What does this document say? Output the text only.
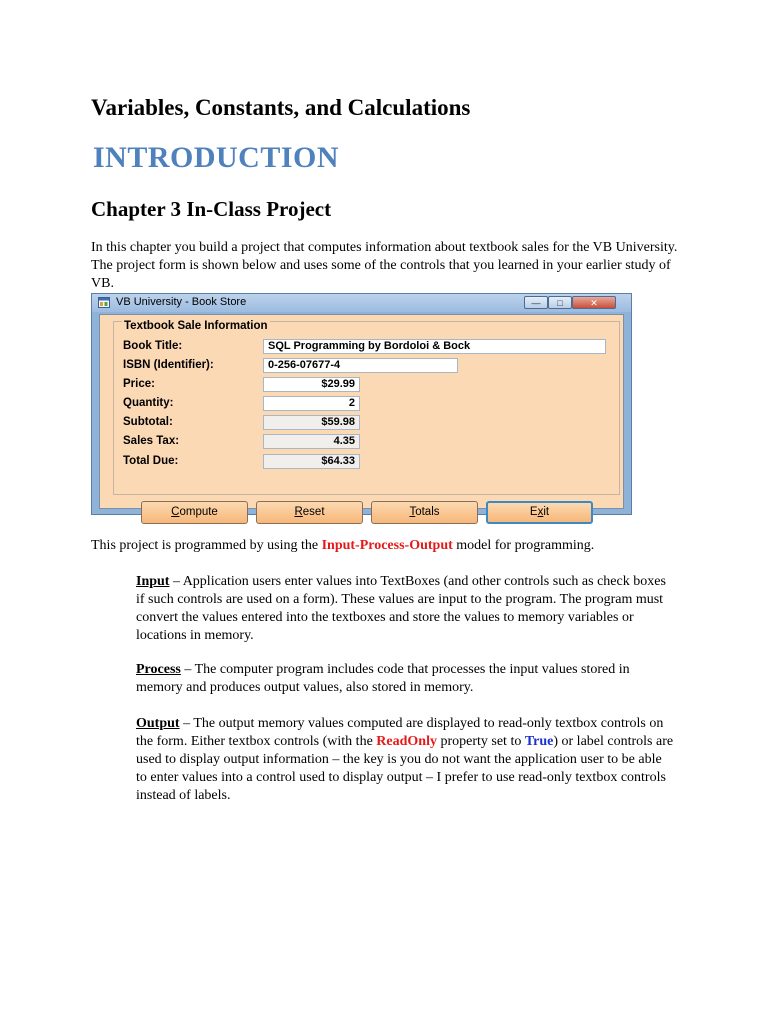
Variables, Constants, and Calculations
INTRODUCTION
Chapter 3 In-Class Project

In this chapter you build a project that computes information about textbook sales for the VB University. The project form is shown below and uses some of the controls that you learned in your earlier study of VB.

VB University - Book Store	—	□	✕
Textbook Sale Information
Book Title:	SQL Programming by Bordoloi & Bock
ISBN (Identifier):	0-256-07677-4
Price:	$29.99
Quantity:	2
Subtotal:	$59.98
Sales Tax:	4.35
Total Due:	$64.33
Compute	Reset	Totals	Exit

This project is programmed by using the Input-Process-Output model for programming.

Input – Application users enter values into TextBoxes (and other controls such as check boxes if such controls are used on a form). These values are input to the program. The program must convert the values entered into the textboxes and store the values to memory variables or locations in memory.

Process – The computer program includes code that processes the input values stored in memory and produces output values, also stored in memory.

Output – The output memory values computed are displayed to read-only textbox controls on the form. Either textbox controls (with the ReadOnly property set to True) or label controls are used to display output information – the key is you do not want the application user to be able to enter values into a control used to display output – I prefer to use read-only textbox controls instead of labels.
